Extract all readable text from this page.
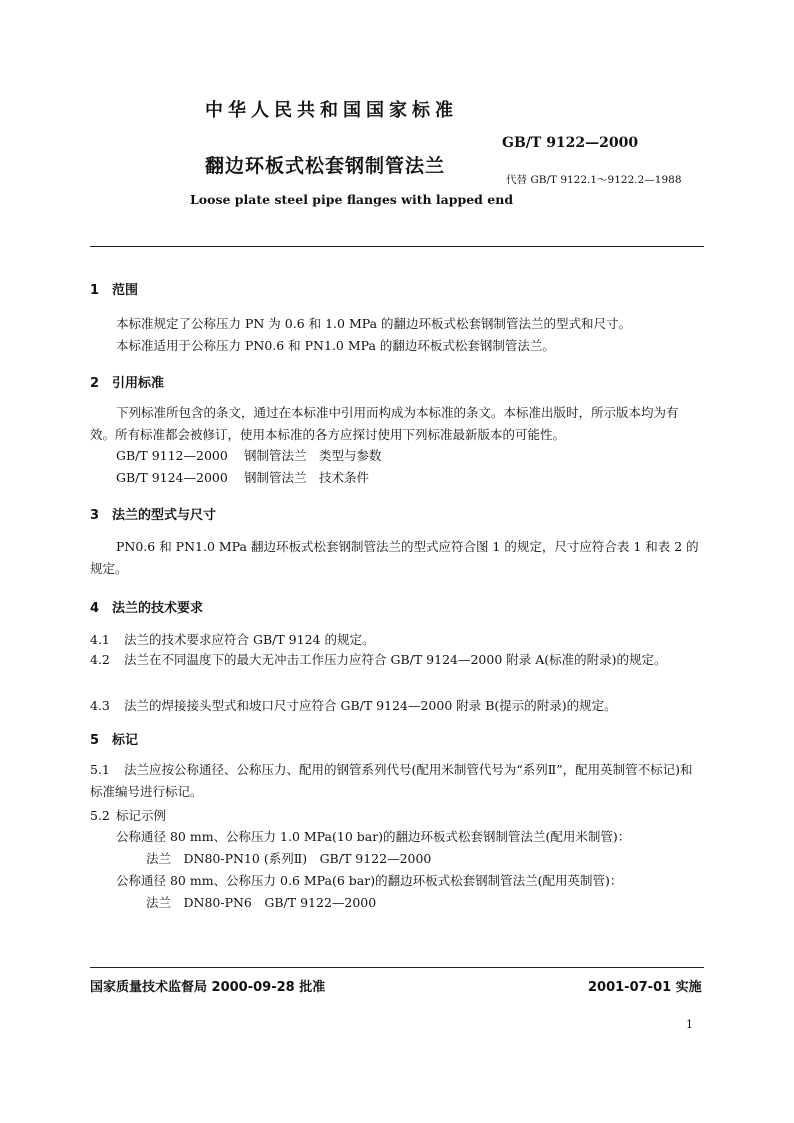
中华人民共和国国家标准
GB/T 9122—2000
翻边环板式松套钢制管法兰
代替 GB/T 9122.1～9122.2—1988
Loose plate steel pipe flanges with lapped end
1 范围
本标准规定了公称压力 PN 为 0.6 和 1.0 MPa 的翻边环板式松套钢制管法兰的型式和尺寸。
本标准适用于公称压力 PN0.6 和 PN1.0 MPa 的翻边环板式松套钢制管法兰。
2 引用标准
下列标准所包含的条文，通过在本标准中引用而构成为本标准的条文。本标准出版时，所示版本均为有效。所有标准都会被修订，使用本标准的各方应探讨使用下列标准最新版本的可能性。
GB/T 9112—2000 钢制管法兰　类型与参数
GB/T 9124—2000 钢制管法兰　技术条件
3 法兰的型式与尺寸
PN0.6 和 PN1.0 MPa 翻边环板式松套钢制管法兰的型式应符合图 1 的规定，尺寸应符合表 1 和表 2 的规定。
4 法兰的技术要求
4.1 法兰的技术要求应符合 GB/T 9124 的规定。
4.2 法兰在不同温度下的最大无冲击工作压力应符合 GB/T 9124—2000 附录 A(标准的附录)的规定。
4.3 法兰的焊接接头型式和坡口尺寸应符合 GB/T 9124—2000 附录 B(提示的附录)的规定。
5 标记
5.1 法兰应按公称通径、公称压力、配用的钢管系列代号(配用米制管代号为“系列Ⅱ”，配用英制管不标记)和标准编号进行标记。
5.2 标记示例
公称通径 80 mm、公称压力 1.0 MPa(10 bar)的翻边环板式松套钢制管法兰(配用米制管)：
法兰　DN80-PN10 (系列Ⅱ)　GB/T 9122—2000
公称通径 80 mm、公称压力 0.6 MPa(6 bar)的翻边环板式松套钢制管法兰(配用英制管)：
法兰　DN80-PN6　GB/T 9122—2000
国家质量技术监督局 2000-09-28 批准	2001-07-01 实施
1
